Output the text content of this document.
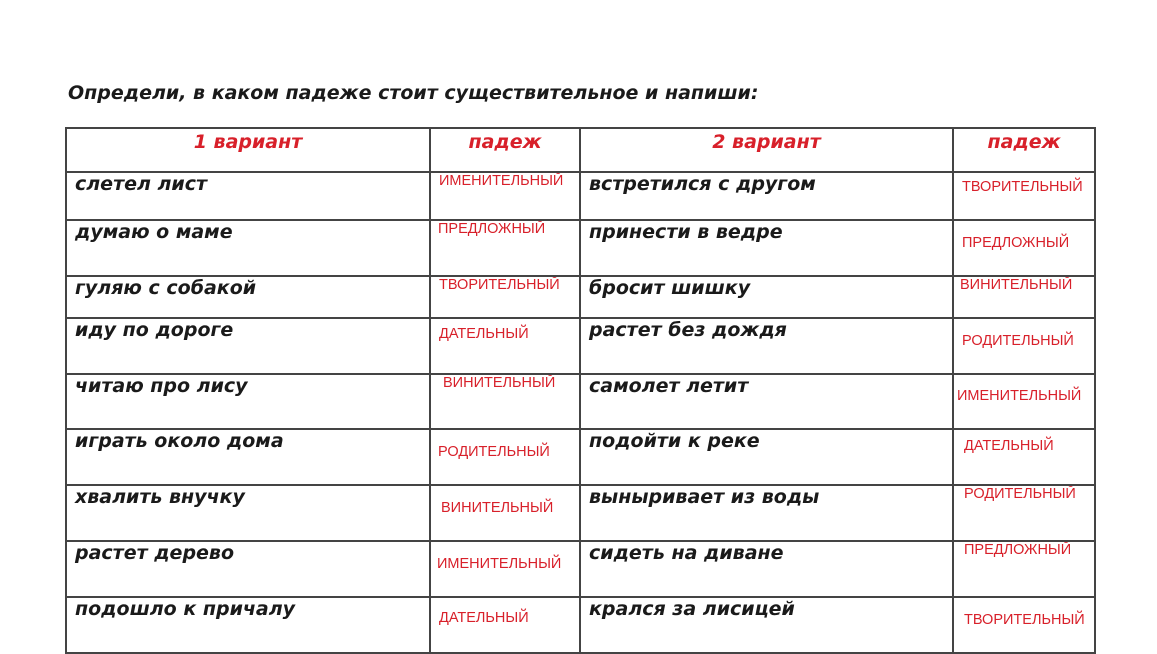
Определи, в каком падеже стоит существительное и напиши:
1 вариант	падеж	2 вариант	падеж
слетел лист	ИМЕНИТЕЛЬНЫЙ	встретился с другом	ТВОРИТЕЛЬНЫЙ
думаю о маме	ПРЕДЛОЖНЫЙ	принести в ведре	ПРЕДЛОЖНЫЙ
гуляю с собакой	ТВОРИТЕЛЬНЫЙ	бросит шишку	ВИНИТЕЛЬНЫЙ
иду по дороге	ДАТЕЛЬНЫЙ	растет без дождя	РОДИТЕЛЬНЫЙ
читаю про лису	ВИНИТЕЛЬНЫЙ	самолет летит	ИМЕНИТЕЛЬНЫЙ
играть около дома	РОДИТЕЛЬНЫЙ	подойти к реке	ДАТЕЛЬНЫЙ
хвалить внучку	ВИНИТЕЛЬНЫЙ	выныривает из воды	РОДИТЕЛЬНЫЙ
растет дерево	ИМЕНИТЕЛЬНЫЙ	сидеть на диване	ПРЕДЛОЖНЫЙ
подошло к причалу	ДАТЕЛЬНЫЙ	крался за лисицей	ТВОРИТЕЛЬНЫЙ
